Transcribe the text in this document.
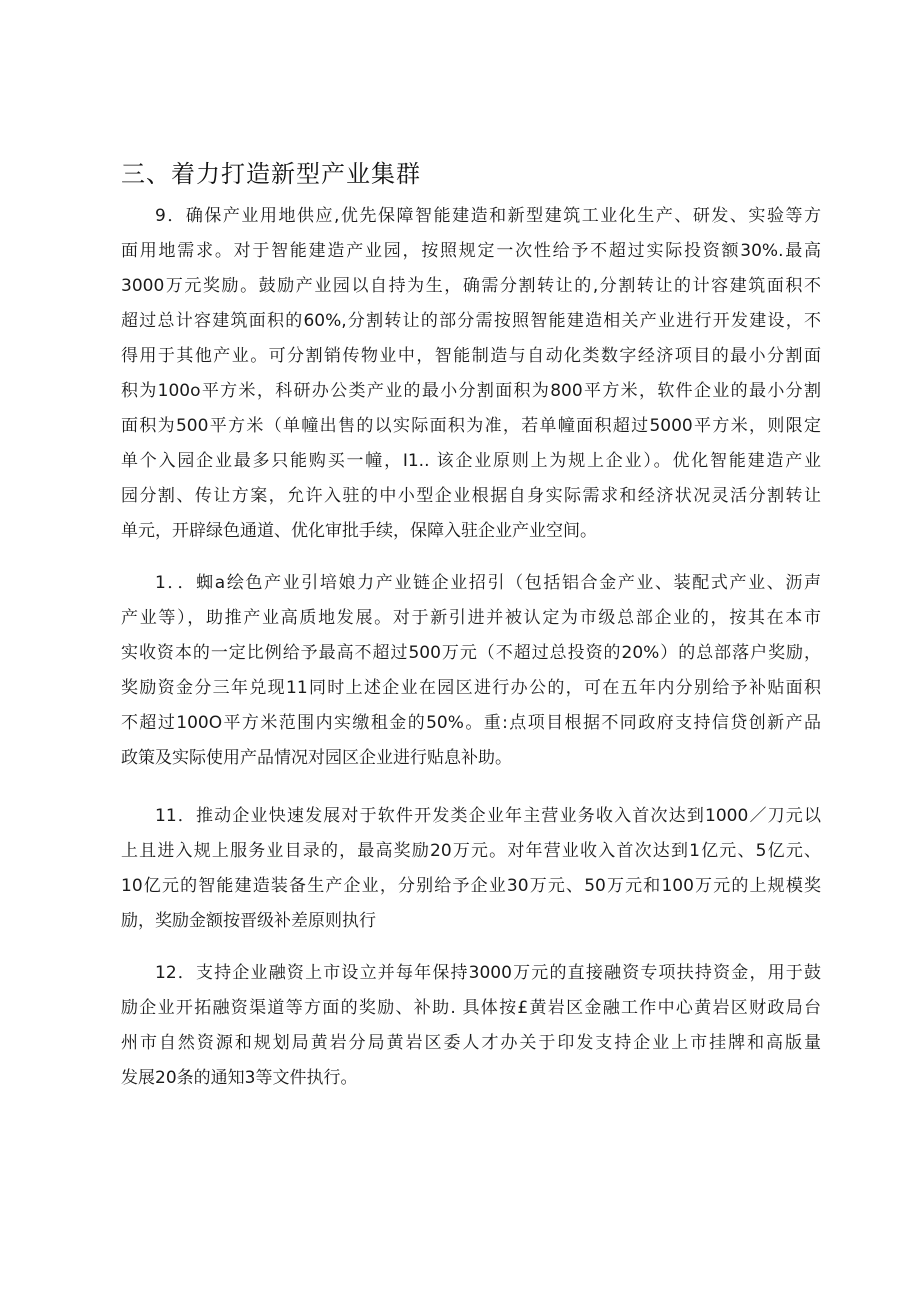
三、着力打造新型产业集群

9．确保产业用地供应,优先保障智能建造和新型建筑工业化生产、研发、实验等方

面用地需求。对于智能建造产业园，按照规定一次性给予不超过实际投资额30%.最高

3000万元奖励。鼓励产业园以自持为生，确需分割转让的,分割转让的计容建筑面积不

超过总计容建筑面积的60%,分割转让的部分需按照智能建造相关产业进行开发建设，不

得用于其他产业。可分割销传物业中，智能制造与自动化类数字经济项目的最小分割面

积为100o平方米，科研办公类产业的最小分割面积为800平方米，软件企业的最小分割

面积为500平方米（单幢出售的以实际面积为准，若单幢面积超过5000平方米，则限定

单个入园企业最多只能购买一幢，I1.. 该企业原则上为规上企业）。优化智能建造产业

园分割、传让方案，允许入驻的中小型企业根据自身实际需求和经济状况灵活分割转让

单元，开辟绿色通道、优化审批手续，保障入驻企业产业空间。

1．．蜘a绘色产业引培娘力产业链企业招引（包括铝合金产业、装配式产业、沥声

产业等），助推产业高质地发展。对于新引进并被认定为市级总部企业的，按其在本市

实收资本的一定比例给予最高不超过500万元（不超过总投资的20%）的总部落户奖励，

奖励资金分三年兑现11同时上述企业在园区进行办公的，可在五年内分别给予补贴面积

不超过100O平方米范围内实缴租金的50%。重:点项目根据不同政府支持信贷创新产品

政策及实际使用产品情况对园区企业进行贴息补助。

11．推动企业快速发展对于软件开发类企业年主营业务收入首次达到1000／刀元以

上且进入规上服务业目录的，最高奖励20万元。对年营业收入首次达到1亿元、5亿元、

10亿元的智能建造装备生产企业，分别给予企业30万元、50万元和100万元的上规模奖

励，奖励金额按晋级补差原则执行

12．支持企业融资上市设立并每年保持3000万元的直接融资专项扶持资金，用于鼓

励企业开拓融资渠道等方面的奖励、补助. 具体按£黄岩区金融工作中心黄岩区财政局台

州市自然资源和规划局黄岩分局黄岩区委人才办关于印发支持企业上市挂牌和高版量

发展20条的通知3等文件执行。
